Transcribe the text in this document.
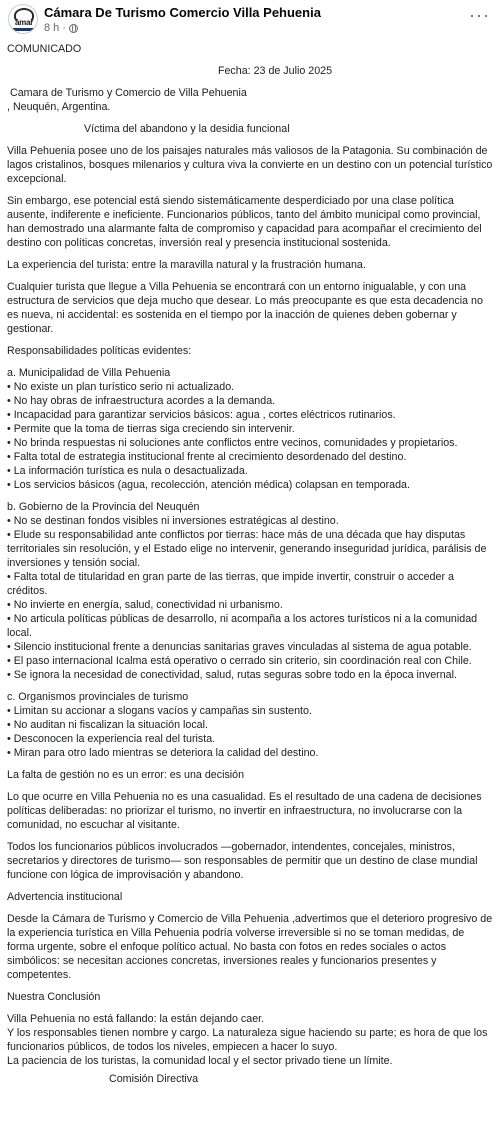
ámar
Cámara De Turismo Comercio Villa Pehuenia
8 h ·
···

COMUNICADO

Fecha: 23 de Julio 2025

Camara de Turismo y Comercio de Villa Pehuenia

, Neuquén, Argentina.

Víctima del abandono y la desidia funcional

Villa Pehuenia posee uno de los paisajes naturales más valiosos de la Patagonia. Su combinación de lagos cristalinos, bosques milenarios y cultura viva la convierte en un destino con un potencial turístico excepcional.

Sin embargo, ese potencial está siendo sistemáticamente desperdiciado por una clase política ausente, indiferente e ineficiente. Funcionarios públicos, tanto del ámbito municipal como provincial, han demostrado una alarmante falta de compromiso y capacidad para acompañar el crecimiento del destino con políticas concretas, inversión real y presencia institucional sostenida.

La experiencia del turista: entre la maravilla natural y la frustración humana.

Cualquier turista que llegue a Villa Pehuenia se encontrará con un entorno inigualable, y con una estructura de servicios que deja mucho que desear. Lo más preocupante es que esta decadencia no es nueva, ni accidental: es sostenida en el tiempo por la inacción de quienes deben gobernar y gestionar.

Responsabilidades políticas evidentes:

a. Municipalidad de Villa Pehuenia

• No existe un plan turístico serio ni actualizado.

• No hay obras de infraestructura acordes a la demanda.

• Incapacidad para garantizar servicios básicos: agua , cortes eléctricos rutinarios.

• Permite que la toma de tierras siga creciendo sin intervenir.

• No brinda respuestas ni soluciones ante conflictos entre vecinos, comunidades y propietarios.

• Falta total de estrategia institucional frente al crecimiento desordenado del destino.

• La información turística es nula o desactualizada.

• Los servicios básicos (agua, recolección, atención médica) colapsan en temporada.

b. Gobierno de la Provincia del Neuquén

• No se destinan fondos visibles ni inversiones estratégicas al destino.

• Elude su responsabilidad ante conflictos por tierras: hace más de una década que hay disputas territoriales sin resolución, y el Estado elige no intervenir, generando inseguridad jurídica, parálisis de inversiones y tensión social.

• Falta total de titularidad en gran parte de las tierras, que impide invertir, construir o acceder a créditos.

• No invierte en energía, salud, conectividad ni urbanismo.

• No articula políticas públicas de desarrollo, ni acompaña a los actores turísticos ni a la comunidad local.

• Silencio institucional frente a denuncias sanitarias graves vinculadas al sistema de agua potable.

• El paso internacional Icalma está operativo o cerrado sin criterio, sin coordinación real con Chile.

• Se ignora la necesidad de conectividad, salud, rutas seguras sobre todo en la época invernal.

c. Organismos provinciales de turismo

• Limitan su accionar a slogans vacíos y campañas sin sustento.

• No auditan ni fiscalizan la situación local.

• Desconocen la experiencia real del turista.

• Miran para otro lado mientras se deteriora la calidad del destino.

La falta de gestión no es un error: es una decisión

Lo que ocurre en Villa Pehuenia no es una casualidad. Es el resultado de una cadena de decisiones políticas deliberadas: no priorizar el turismo, no invertir en infraestructura, no involucrarse con la comunidad, no escuchar al visitante.

Todos los funcionarios públicos involucrados —gobernador, intendentes, concejales, ministros, secretarios y directores de turismo— son responsables de permitir que un destino de clase mundial funcione con lógica de improvisación y abandono.

Advertencia institucional

Desde la Cámara de Turismo y Comercio de Villa Pehuenia ,advertimos que el deterioro progresivo de la experiencia turística en Villa Pehuenia podría volverse irreversible si no se toman medidas, de forma urgente, sobre el enfoque político actual. No basta con fotos en redes sociales o actos simbólicos: se necesitan acciones concretas, inversiones reales y funcionarios presentes y competentes.

Nuestra Conclusión

Villa Pehuenia no está fallando: la están dejando caer.

Y los responsables tienen nombre y cargo. La naturaleza sigue haciendo su parte; es hora de que los funcionarios públicos, de todos los niveles, empiecen a hacer lo suyo.

La paciencia de los turistas, la comunidad local y el sector privado tiene un límite.

Comisión Directiva
